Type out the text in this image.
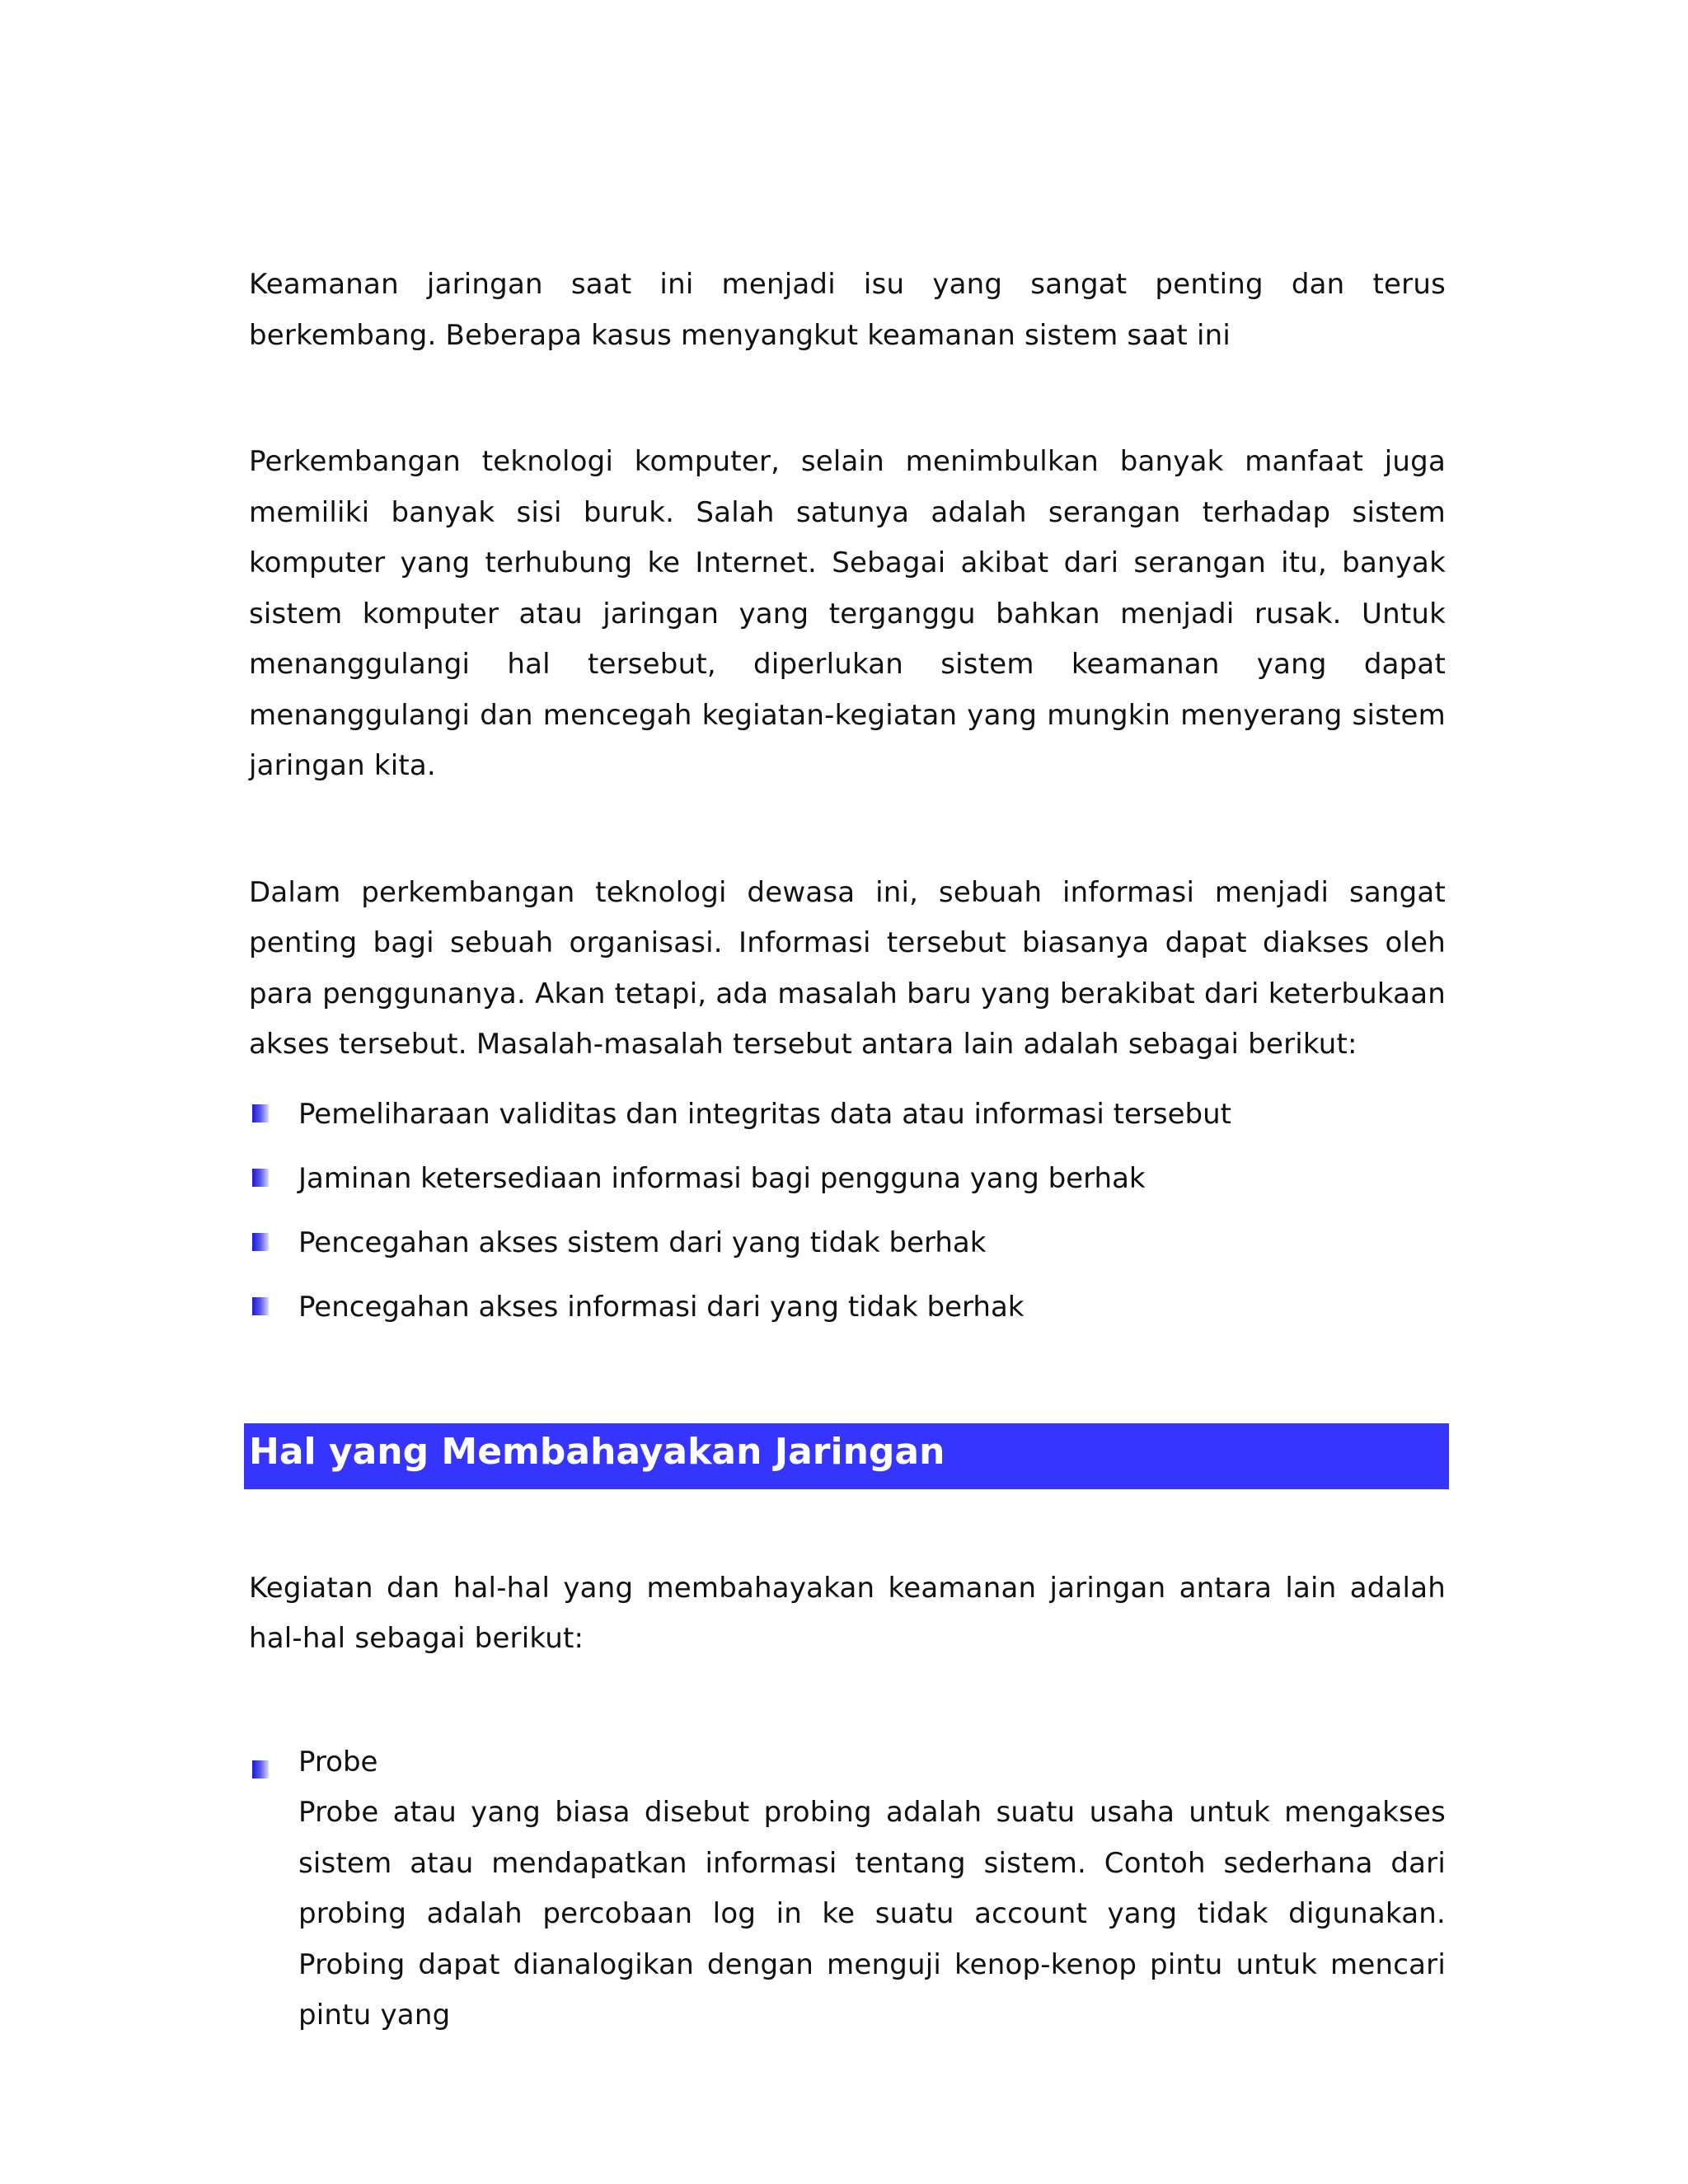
Keamanan jaringan saat ini menjadi isu yang sangat penting dan terus berkembang. Beberapa kasus menyangkut keamanan sistem saat ini

Perkembangan teknologi komputer, selain menimbulkan banyak manfaat juga memiliki banyak sisi buruk. Salah satunya adalah serangan terhadap sistem komputer yang terhubung ke Internet. Sebagai akibat dari serangan itu, banyak sistem komputer atau jaringan yang terganggu bahkan menjadi rusak. Untuk menanggulangi hal tersebut, diperlukan sistem keamanan yang dapat menanggulangi dan mencegah kegiatan-kegiatan yang mungkin menyerang sistem jaringan kita.

Dalam perkembangan teknologi dewasa ini, sebuah informasi menjadi sangat penting bagi sebuah organisasi. Informasi tersebut biasanya dapat diakses oleh para penggunanya. Akan tetapi, ada masalah baru yang berakibat dari keterbukaan akses tersebut. Masalah-masalah tersebut antara lain adalah sebagai berikut:

Pemeliharaan validitas dan integritas data atau informasi tersebut
Jaminan ketersediaan informasi bagi pengguna yang berhak
Pencegahan akses sistem dari yang tidak berhak
Pencegahan akses informasi dari yang tidak berhak
Hal yang Membahayakan Jaringan

Kegiatan dan hal-hal yang membahayakan keamanan jaringan antara lain adalah hal-hal sebagai berikut:

Probe
Probe atau yang biasa disebut probing adalah suatu usaha untuk mengakses sistem atau mendapatkan informasi tentang sistem. Contoh sederhana dari probing adalah percobaan log in ke suatu account yang tidak digunakan. Probing dapat dianalogikan dengan menguji kenop-kenop pintu untuk mencari pintu yang
